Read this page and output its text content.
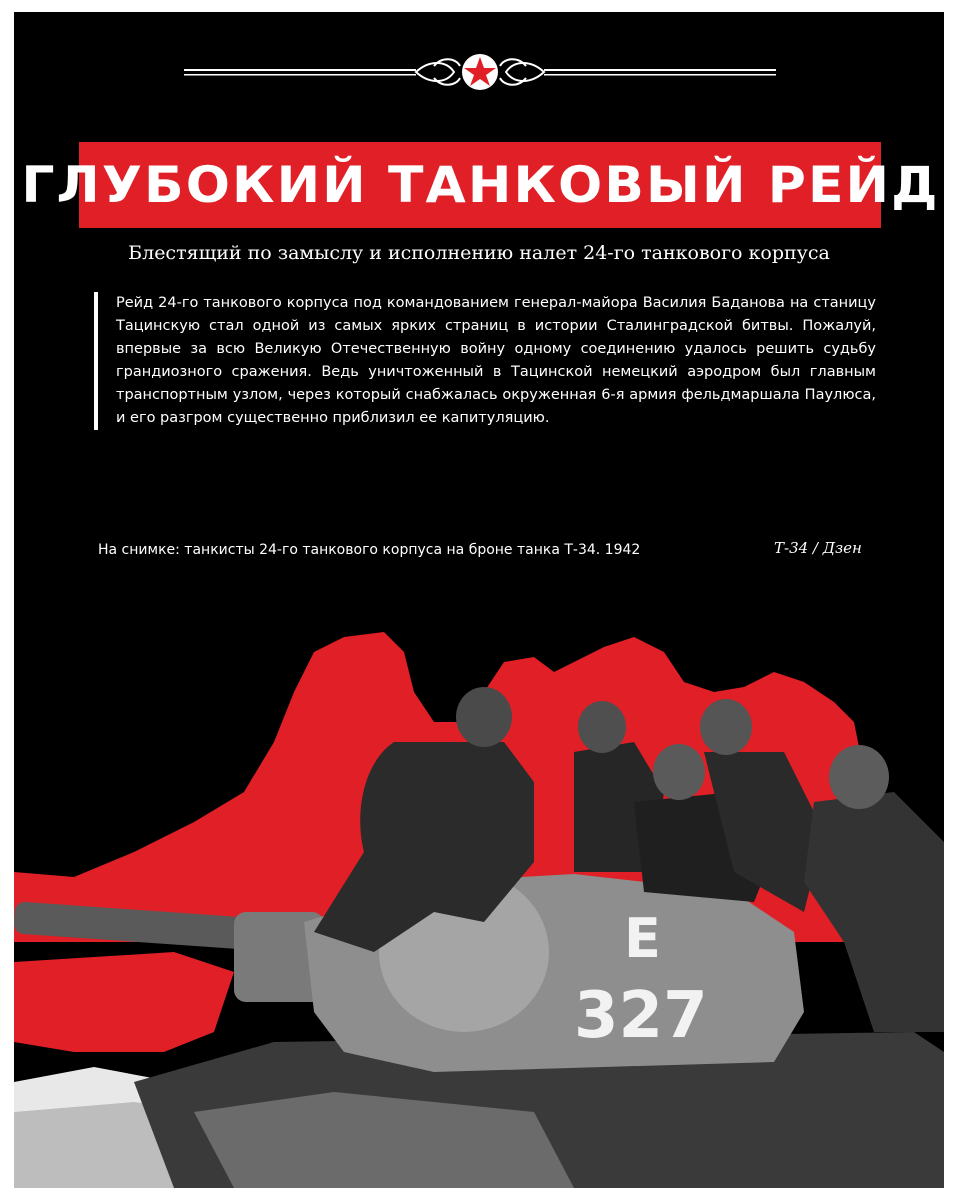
ГЛУБОКИЙ ТАНКОВЫЙ РЕЙД
Блестящий по замыслу и исполнению налет 24-го танкового корпуса
Рейд 24-го танкового корпуса под командованием генерал-майора Василия Баданова на станицу Тацинскую стал одной из самых ярких страниц в истории Сталинградской битвы. Пожалуй, впервые за всю Великую Отечественную войну одному соединению удалось решить судьбу грандиозного сражения. Ведь уничтоженный в Тацинской немецкий аэродром был главным транспортным узлом, через который снабжалась окруженная 6-я армия фельдмаршала Паулюса, и его разгром существенно приблизил ее капитуляцию.
На снимке: танкисты 24-го танкового корпуса на броне танка Т-34. 1942	Т-34 / Дзен
Е
327
